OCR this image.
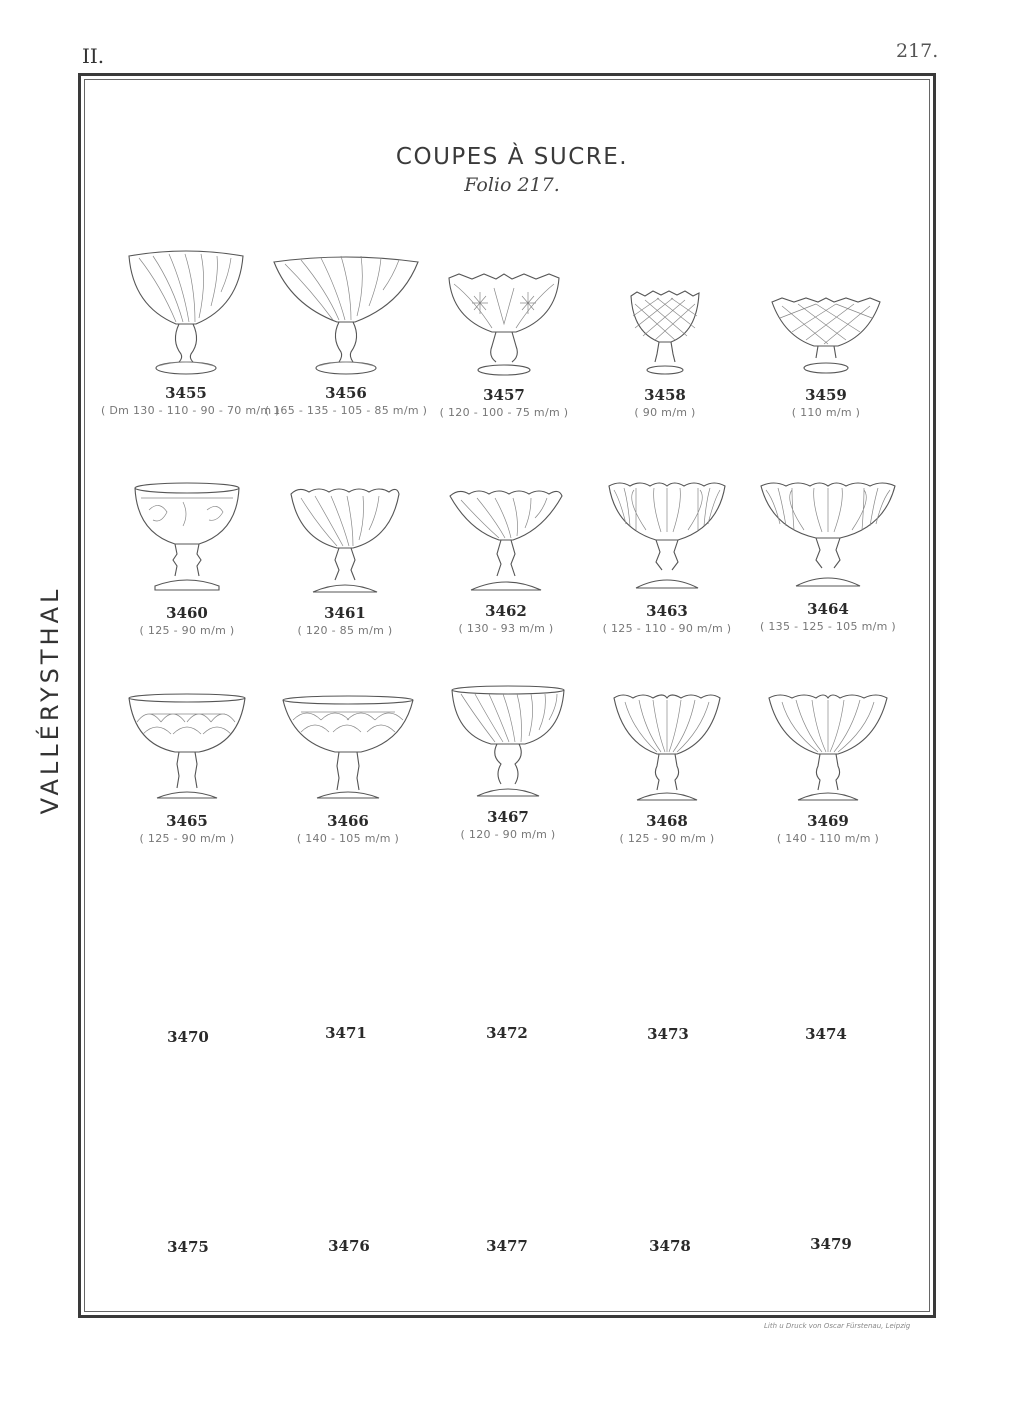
II.	217.
VALLÉRYSTHAL
COUPES À SUCRE.
Folio 217.
3455
( Dm 130 - 110 - 90 - 70 m/m )
3456
( 165 - 135 - 105 - 85 m/m )
3457
( 120 - 100 - 75 m/m )
3458
( 90 m/m )
3459
( 110 m/m )
3460
( 125 - 90 m/m )
3461
( 120 - 85 m/m )
3462
( 130 - 93 m/m )
3463
( 125 - 110 - 90 m/m )
3464
( 135 - 125 - 105 m/m )
3465
( 125 - 90 m/m )
3466
( 140 - 105 m/m )
3467
( 120 - 90 m/m )
3468
( 125 - 90 m/m )
3469
( 140 - 110 m/m )
3470	3471	3472	3473	3474
3475	3476	3477	3478	3479
Lith u Druck von Oscar Fürstenau, Leipzig
